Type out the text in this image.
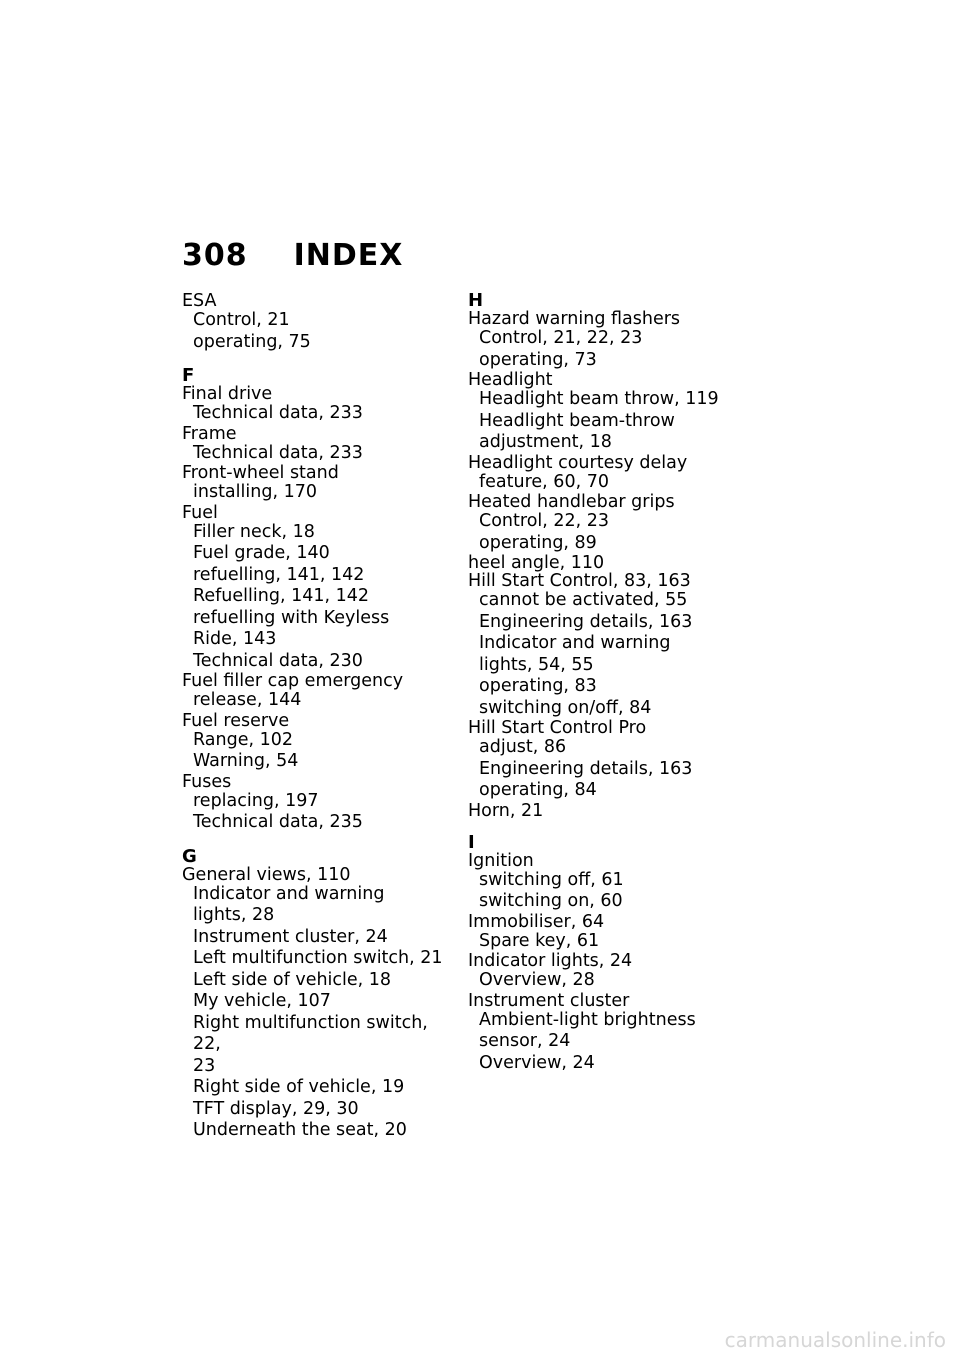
308 INDEX
ESA
Control, 21
operating, 75
F
Final drive
Technical data, 233
Frame
Technical data, 233
Front-wheel stand
installing, 170
Fuel
Filler neck, 18
Fuel grade, 140
refuelling, 141, 142
Refuelling, 141, 142
refuelling with Keyless
Ride, 143
Technical data, 230
Fuel filler cap emergency
release, 144
Fuel reserve
Range, 102
Warning, 54
Fuses
replacing, 197
Technical data, 235
G
General views, 110
Indicator and warning
lights, 28
Instrument cluster, 24
Left multifunction switch, 21
Left side of vehicle, 18
My vehicle, 107
Right multifunction switch, 22,
23
Right side of vehicle, 19
TFT display, 29, 30
Underneath the seat, 20
H
Hazard warning flashers
Control, 21, 22, 23
operating, 73
Headlight
Headlight beam throw, 119
Headlight beam-throw
adjustment, 18
Headlight courtesy delay
feature, 60, 70
Heated handlebar grips
Control, 22, 23
operating, 89
heel angle, 110
Hill Start Control, 83, 163
cannot be activated, 55
Engineering details, 163
Indicator and warning
lights, 54, 55
operating, 83
switching on/off, 84
Hill Start Control Pro
adjust, 86
Engineering details, 163
operating, 84
Horn, 21
I
Ignition
switching off, 61
switching on, 60
Immobiliser, 64
Spare key, 61
Indicator lights, 24
Overview, 28
Instrument cluster
Ambient-light brightness
sensor, 24
Overview, 24
carmanualsonline.info
